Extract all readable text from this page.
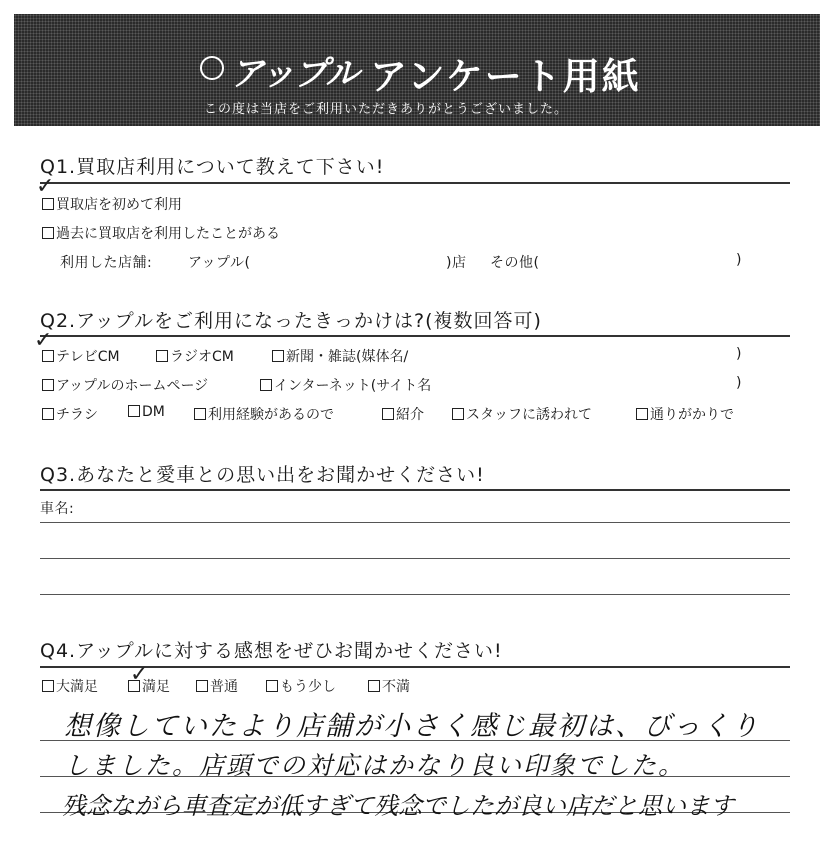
アップル アンケート用紙
この度は当店をご利用いただきありがとうございました。
Q1.買取店利用について教えて下さい!
✓
買取店を初めて利用
過去に買取店を利用したことがある
利用した店舗:	アップル(	)店 その他(	)
Q2.アップルをご利用になったきっかけは?(複数回答可)
✓
テレビCM	ラジオCM	新聞・雑誌(媒体名/	)
アップルのホームページ	インターネット(サイト名	)
チラシ	DM	利用経験があるので	紹介	スタッフに誘われて	通りがかりで
Q3.あなたと愛車との思い出をお聞かせください!
車名:
Q4.アップルに対する感想をぜひお聞かせください!
大満足	満足
✓	普通	もう少し	不満
想像していたより店舗が小さく感じ最初は、びっくり
しました。店頭での対応はかなり良い印象でした。
残念ながら車査定が低すぎて残念でしたが良い店だと思います
